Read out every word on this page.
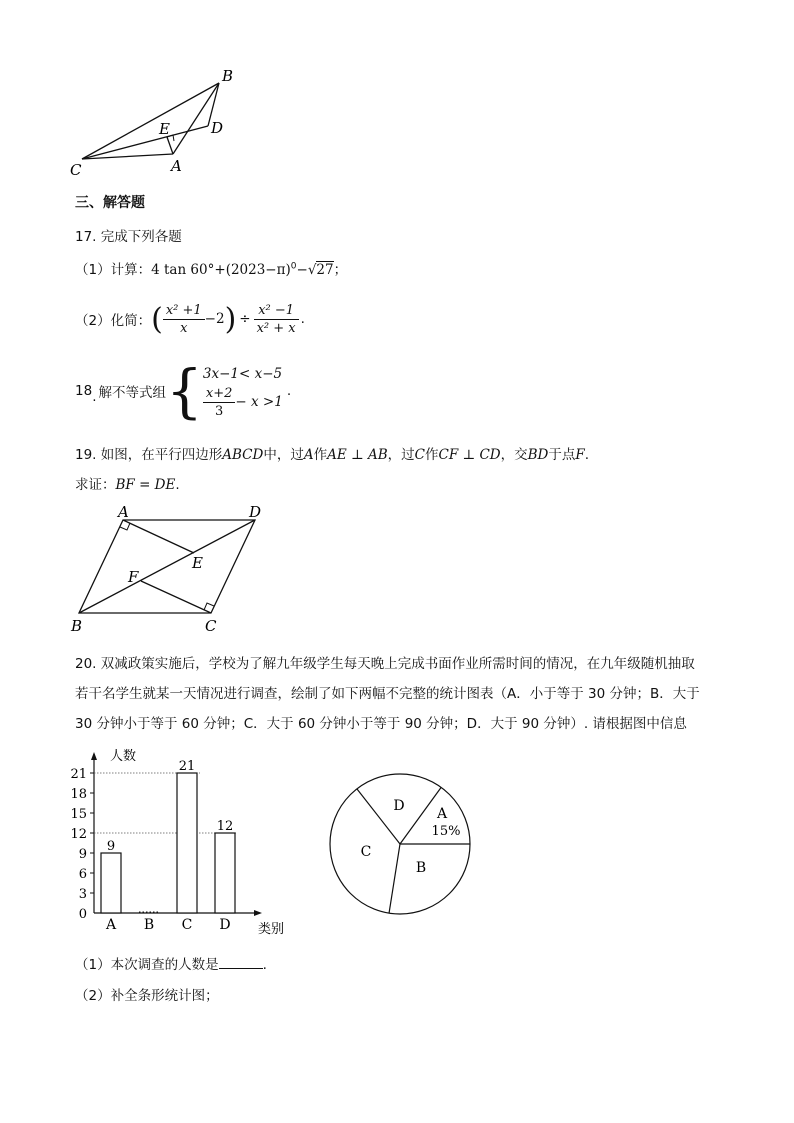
B
E	D
C	A
三、解答题
17. 完成下列各题
（1）计算：4 $\tan 60^\circ+(2023-\pi)^0-√27$；
（2）化简： ( $\frac{\text{x² +1}}{x} -2$ ) ÷ $\frac{\text{x² −1}}{\text{x² + x}}$ .
18 . 解不等式组 { 3x−1< x−5
$\frac{x+2}{3} - x >1$
.
19. 如图，在平行四边形ABCD中，过A作AE ⊥ AB，过C作CF ⊥ CD，交BD于点F.
求证：BF = DE.
A	D
E
F
B	C
20. 双减政策实施后，学校为了解九年级学生每天晚上完成书面作业所需时间的情况，在九年级随机抽取
若干名学生就某一天情况进行调查，绘制了如下两幅不完整的统计图表（A．小于等于 30 分钟；B．大于
30 分钟小于等于 60 分钟；C．大于 60 分钟小于等于 90 分钟；D．大于 90 分钟）. 请根据图中信息
人数
类别
0
3
6
9
12
15
18
21
9
A B
21
C
12
D
A
15%
B
C
D
（1）本次调查的人数是	.
（2）补全条形统计图；
